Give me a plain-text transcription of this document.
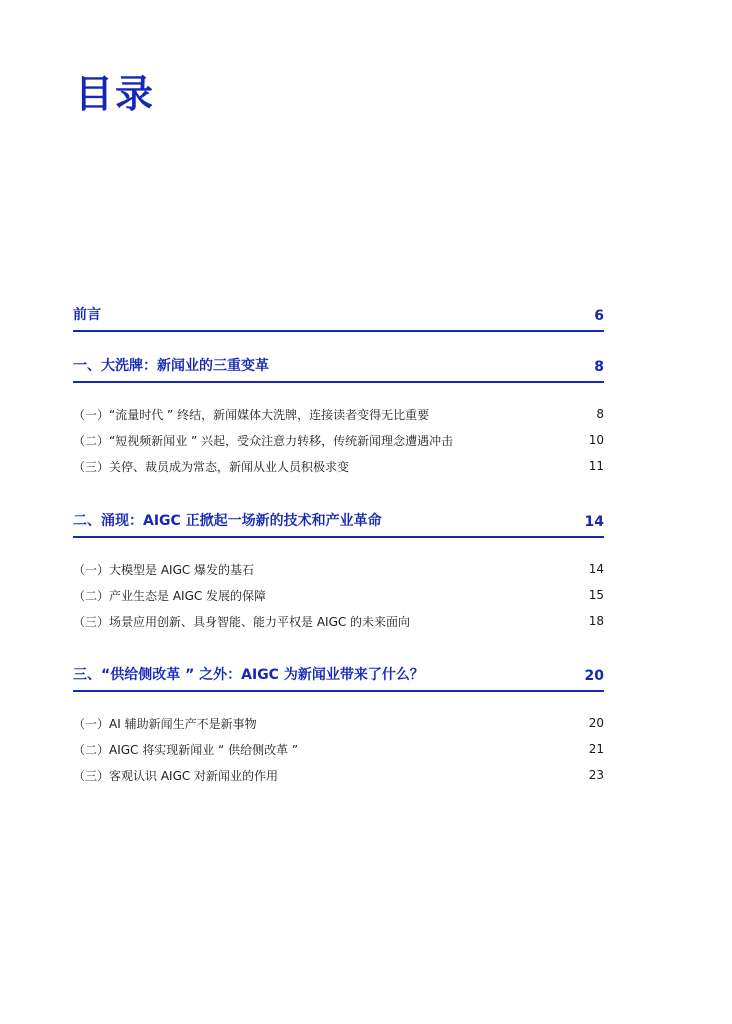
目录
前言	6
一、大洗牌：新闻业的三重变革	8
（一）“流量时代 ” 终结，新闻媒体大洗牌，连接读者变得无比重要	8
（二）“短视频新闻业 ” 兴起，受众注意力转移，传统新闻理念遭遇冲击	10
（三）关停、裁员成为常态，新闻从业人员积极求变	11
二、涌现：AIGC 正掀起一场新的技术和产业革命	14
（一）大模型是 AIGC 爆发的基石	14
（二）产业生态是 AIGC 发展的保障	15
（三）场景应用创新、具身智能、能力平权是 AIGC 的未来面向	18
三、“供给侧改革 ” 之外：AIGC 为新闻业带来了什么？	20
（一）AI 辅助新闻生产不是新事物	20
（二）AIGC 将实现新闻业 “ 供给侧改革 ”	21
（三）客观认识 AIGC 对新闻业的作用	23
